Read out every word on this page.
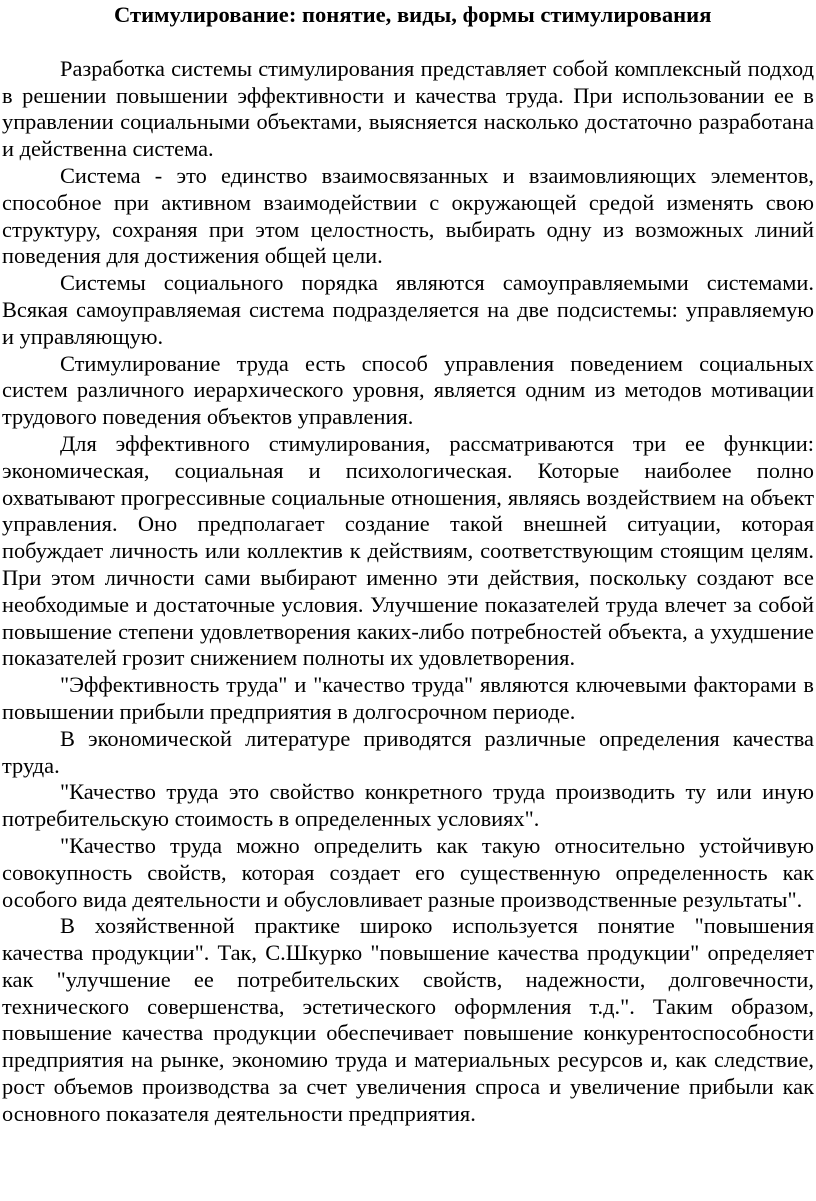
Стимулирование: понятие, виды, формы стимулирования

Разработка системы стимулирования представляет собой комплексный подход в решении повышении эффективности и качества труда. При использовании ее в управлении социальными объектами, выясняется насколько достаточно разработана и действенна система.

Система - это единство взаимосвязанных и взаимовлияющих элементов, способное при активном взаимодействии с окружающей средой изменять свою структуру, сохраняя при этом целостность, выбирать одну из возможных линий поведения для достижения общей цели.

Системы социального порядка являются самоуправляемыми системами. Всякая самоуправляемая система подразделяется на две подсистемы: управляемую и управляющую.

Стимулирование труда есть способ управления поведением социальных систем различного иерархического уровня, является одним из методов мотивации трудового поведения объектов управления.

Для эффективного стимулирования, рассматриваются три ее функции: экономическая, социальная и психологическая. Которые наиболее полно охватывают прогрессивные социальные отношения, являясь воздействием на объект управления. Оно предполагает создание такой внешней ситуации, которая побуждает личность или коллектив к действиям, соответствующим стоящим целям. При этом личности сами выбирают именно эти действия, поскольку создают все необходимые и достаточные условия. Улучшение показателей труда влечет за собой повышение степени удовлетворения каких-либо потребностей объекта, а ухудшение показателей грозит снижением полноты их удовлетворения.

"Эффективность труда" и "качество труда" являются ключевыми факторами в повышении прибыли предприятия в долгосрочном периоде.

В экономической литературе приводятся различные определения качества труда.

"Качество труда это свойство конкретного труда производить ту или иную потребительскую стоимость в определенных условиях".

"Качество труда можно определить как такую относительно устойчивую совокупность свойств, которая создает его существенную определенность как особого вида деятельности и обусловливает разные производственные результаты".

В хозяйственной практике широко используется понятие "повышения качества продукции". Так, С.Шкурко "повышение качества продукции" определяет как "улучшение ее потребительских свойств, надежности, долговечности, технического совершенства, эстетического оформления т.д.". Таким образом, повышение качества продукции обеспечивает повышение конкурентоспособности предприятия на рынке, экономию труда и материальных ресурсов и, как следствие, рост объемов производства за счет увеличения спроса и увеличение прибыли как основного показателя деятельности предприятия.
